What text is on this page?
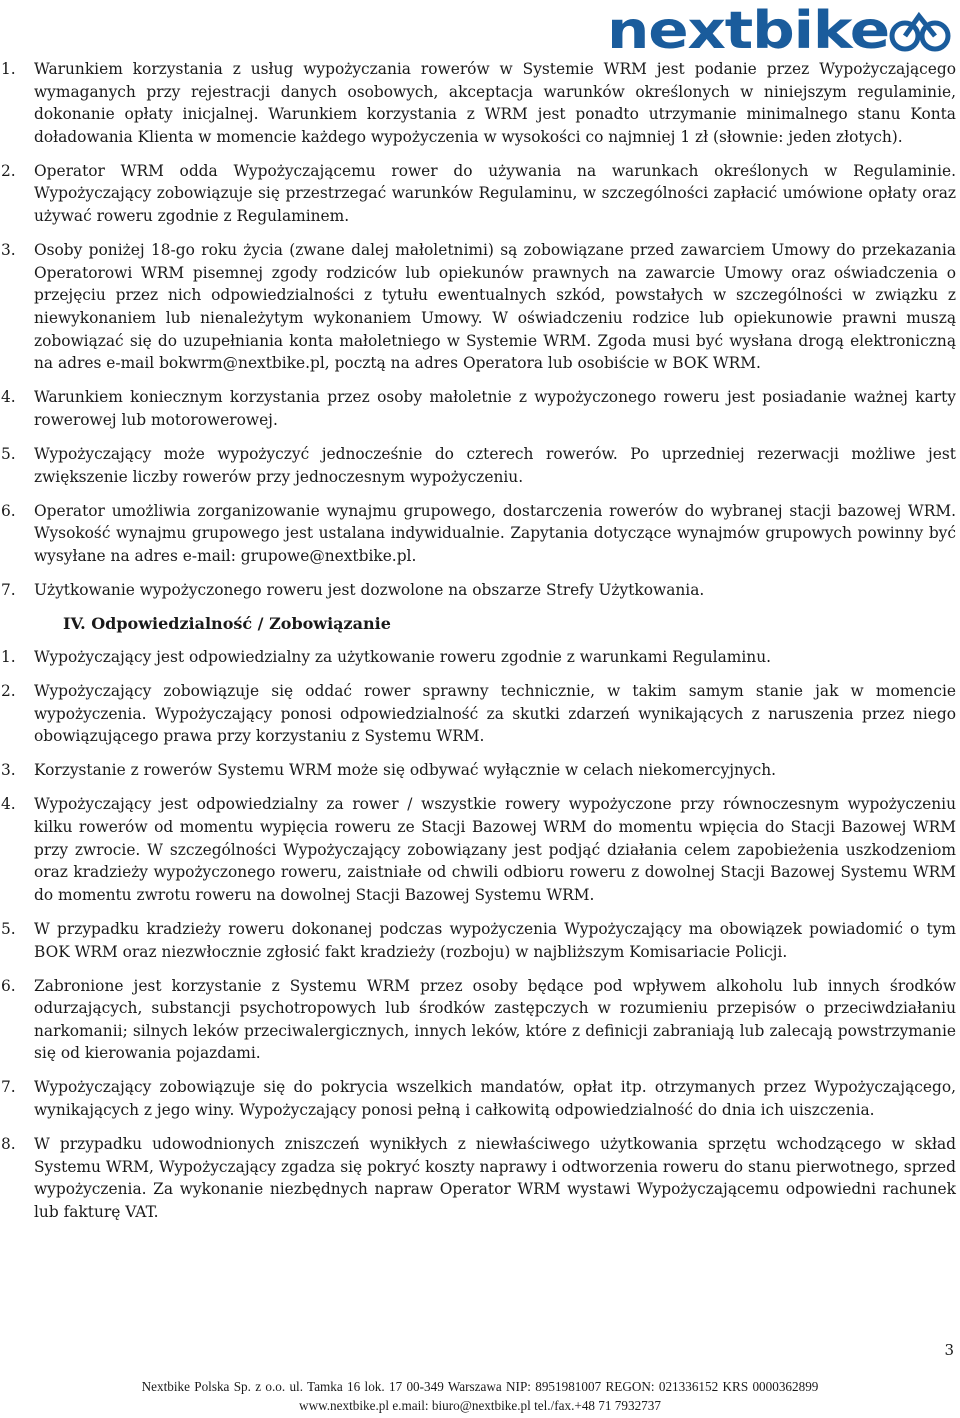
nextbike
1. Warunkiem korzystania z usług wypożyczania rowerów w Systemie WRM jest podanie przez Wypożyczającego wymaganych przy rejestracji danych osobowych, akceptacja warunków określonych w niniejszym regulaminie, dokonanie opłaty inicjalnej. Warunkiem korzystania z WRM jest ponadto utrzymanie minimalnego stanu Konta doładowania Klienta w momencie każdego wypożyczenia w wysokości co najmniej 1 zł (słownie: jeden złotych).
2. Operator WRM odda Wypożyczającemu rower do używania na warunkach określonych w Regulaminie. Wypożyczający zobowiązuje się przestrzegać warunków Regulaminu, w szczególności zapłacić umówione opłaty oraz używać roweru zgodnie z Regulaminem.
3. Osoby poniżej 18-go roku życia (zwane dalej małoletnimi) są zobowiązane przed zawarciem Umowy do przekazania Operatorowi WRM pisemnej zgody rodziców lub opiekunów prawnych na zawarcie Umowy oraz oświadczenia o przejęciu przez nich odpowiedzialności z tytułu ewentualnych szkód, powstałych w szczególności w związku z niewykonaniem lub nienależytym wykonaniem Umowy. W oświadczeniu rodzice lub opiekunowie prawni muszą zobowiązać się do uzupełniania konta małoletniego w Systemie WRM. Zgoda musi być wysłana drogą elektroniczną na adres e-mail bokwrm@nextbike.pl, pocztą na adres Operatora lub osobiście w BOK WRM.
4. Warunkiem koniecznym korzystania przez osoby małoletnie z wypożyczonego roweru jest posiadanie ważnej karty rowerowej lub motorowerowej.
5. Wypożyczający może wypożyczyć jednocześnie do czterech rowerów. Po uprzedniej rezerwacji możliwe jest zwiększenie liczby rowerów przy jednoczesnym wypożyczeniu.
6. Operator umożliwia zorganizowanie wynajmu grupowego, dostarczenia rowerów do wybranej stacji bazowej WRM. Wysokość wynajmu grupowego jest ustalana indywidualnie. Zapytania dotyczące wynajmów grupowych powinny być wysyłane na adres e-mail: grupowe@nextbike.pl.
7. Użytkowanie wypożyczonego roweru jest dozwolone na obszarze Strefy Użytkowania.
IV. Odpowiedzialność / Zobowiązanie
1. Wypożyczający jest odpowiedzialny za użytkowanie roweru zgodnie z warunkami Regulaminu.
2. Wypożyczający zobowiązuje się oddać rower sprawny technicznie, w takim samym stanie jak w momencie wypożyczenia. Wypożyczający ponosi odpowiedzialność za skutki zdarzeń wynikających z naruszenia przez niego obowiązującego prawa przy korzystaniu z Systemu WRM.
3. Korzystanie z rowerów Systemu WRM może się odbywać wyłącznie w celach niekomercyjnych.
4. Wypożyczający jest odpowiedzialny za rower / wszystkie rowery wypożyczone przy równoczesnym wypożyczeniu kilku rowerów od momentu wypięcia roweru ze Stacji Bazowej WRM do momentu wpięcia do Stacji Bazowej WRM przy zwrocie. W szczególności Wypożyczający zobowiązany jest podjąć działania celem zapobieżenia uszkodzeniom oraz kradzieży wypożyczonego roweru, zaistniałe od chwili odbioru roweru z dowolnej Stacji Bazowej Systemu WRM do momentu zwrotu roweru na dowolnej Stacji Bazowej Systemu WRM.
5. W przypadku kradzieży roweru dokonanej podczas wypożyczenia Wypożyczający ma obowiązek powiadomić o tym BOK WRM oraz niezwłocznie zgłosić fakt kradzieży (rozboju) w najbliższym Komisariacie Policji.
6. Zabronione jest korzystanie z Systemu WRM przez osoby będące pod wpływem alkoholu lub innych środków odurzających, substancji psychotropowych lub środków zastępczych w rozumieniu przepisów o przeciwdziałaniu narkomanii; silnych leków przeciwalergicznych, innych leków, które z definicji zabraniają lub zalecają powstrzymanie się od kierowania pojazdami.
7. Wypożyczający zobowiązuje się do pokrycia wszelkich mandatów, opłat itp. otrzymanych przez Wypożyczającego, wynikających z jego winy. Wypożyczający ponosi pełną i całkowitą odpowiedzialność do dnia ich uiszczenia.
8. W przypadku udowodnionych zniszczeń wynikłych z niewłaściwego użytkowania sprzętu wchodzącego w skład Systemu WRM, Wypożyczający zgadza się pokryć koszty naprawy i odtworzenia roweru do stanu pierwotnego, sprzed wypożyczenia. Za wykonanie niezbędnych napraw Operator WRM wystawi Wypożyczającemu odpowiedni rachunek lub fakturę VAT.
3
Nextbike Polska Sp. z o.o. ul. Tamka 16 lok. 17 00-349 Warszawa NIP: 8951981007 REGON: 021336152 KRS 0000362899
www.nextbike.pl e.mail: biuro@nextbike.pl tel./fax.+48 71 7932737
